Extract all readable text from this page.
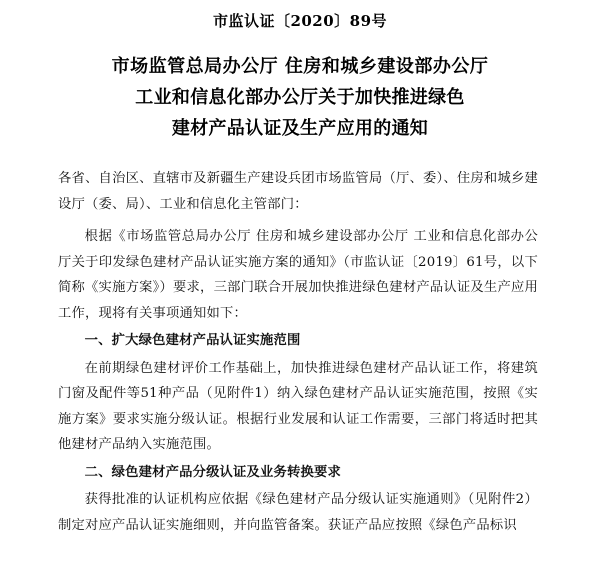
市监认证〔2020〕89号
市场监管总局办公厅 住房和城乡建设部办公厅
工业和信息化部办公厅关于加快推进绿色
建材产品认证及生产应用的通知

各省、自治区、直辖市及新疆生产建设兵团市场监管局（厅、委）、住房和城乡建设厅（委、局）、工业和信息化主管部门：

根据《市场监管总局办公厅 住房和城乡建设部办公厅 工业和信息化部办公厅关于印发绿色建材产品认证实施方案的通知》（市监认证〔2019〕61号，以下简称《实施方案》）要求，三部门联合开展加快推进绿色建材产品认证及生产应用工作，现将有关事项通知如下：

一、扩大绿色建材产品认证实施范围

在前期绿色建材评价工作基础上，加快推进绿色建材产品认证工作，将建筑门窗及配件等51种产品（见附件1）纳入绿色建材产品认证实施范围，按照《实施方案》要求实施分级认证。根据行业发展和认证工作需要，三部门将适时把其他建材产品纳入实施范围。

二、绿色建材产品分级认证及业务转换要求

获得批准的认证机构应依据《绿色建材产品分级认证实施通则》（见附件2）制定对应产品认证实施细则，并向监管备案。获证产品应按照《绿色产品标识
